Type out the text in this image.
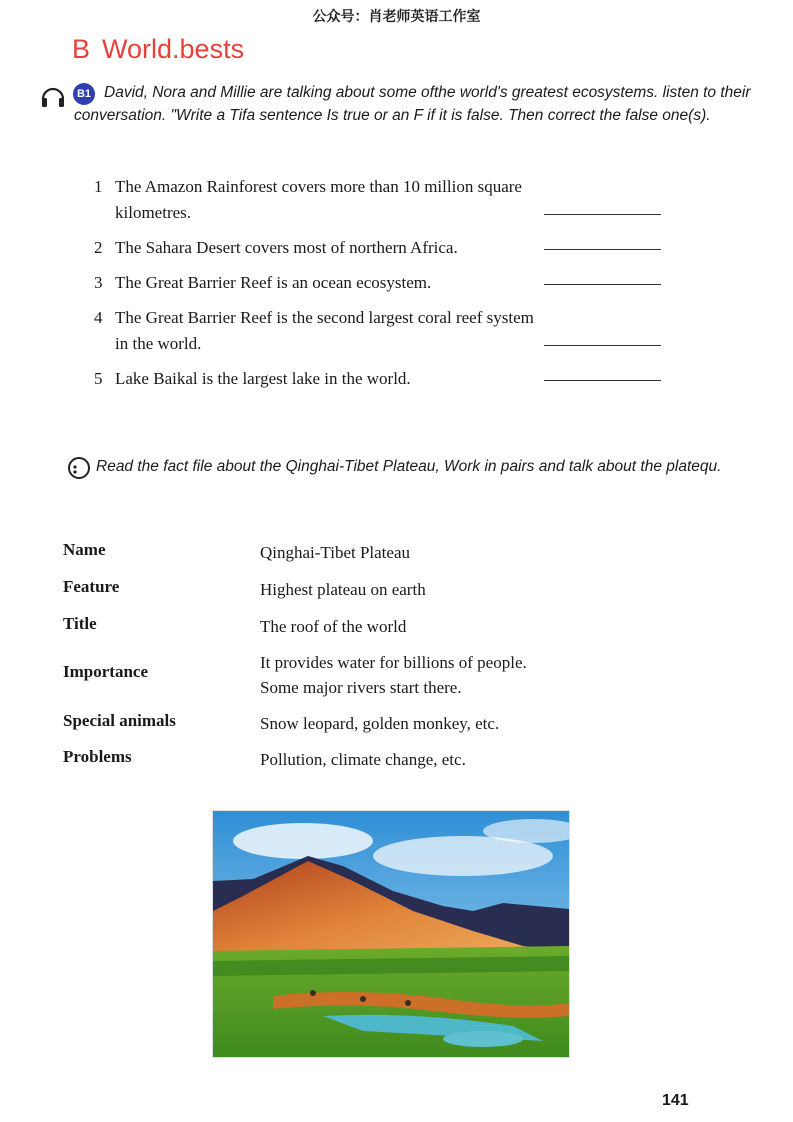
公众号：肖老师英语工作室
B World.bests
B1 David, Nora and Millie are talking about some ofthe world's greatest ecosystems. listen to their conversation. "Write a Tifa sentence Is true or an F if it is false. Then correct the false one(s).
1 The Amazon Rainforest covers more than 10 million square kilometres.
2 The Sahara Desert covers most of northern Africa.
3 The Great Barrier Reef is an ocean ecosystem.
4 The Great Barrier Reef is the second largest coral reef system in the world.
5 Lake Baikal is the largest lake in the world.
Read the fact file about the Qinghai-Tibet Plateau, Work in pairs and talk about the platequ.
Name	Qinghai-Tibet Plateau
Feature	Highest plateau on earth
Title	The roof of the world
Importance	It provides water for billions of people.
Some major rivers start there.
Special animals	Snow leopard, golden monkey, etc.
Problems	Pollution, climate change, etc.
141
